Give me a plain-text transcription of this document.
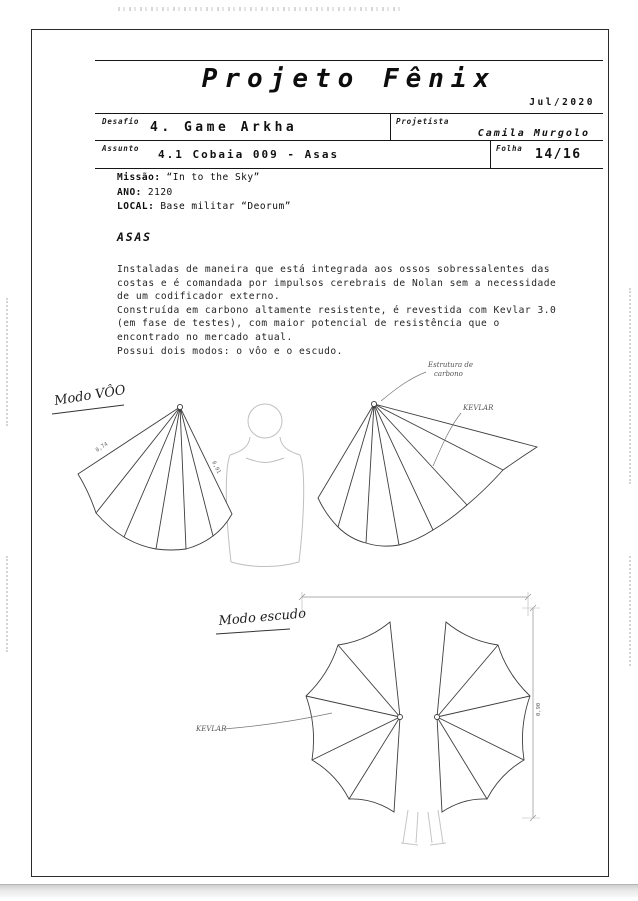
Projeto Fênix
Jul/2020
Desafio 4. Game Arkha	Projetista
Camila Murgolo
Assunto 4.1 Cobaia 009 - Asas	Folha 14/16
Missão: “In to the Sky”
ANO: 2120
LOCAL: Base militar “Deorum”
ASAS
Instaladas de maneira que está integrada aos ossos sobressalentes das
costas e é comandada por impulsos cerebrais de Nolan sem a necessidade
de um codificador externo.
Construída em carbono altamente resistente, é revestida com Kevlar 3.0
(em fase de testes), com maior potencial de resistência que o
encontrado no mercado atual.
Possui dois modos: o vôo e o escudo.
0,74
0,91
Estrutura de
carbono
KEVLAR
Modo VÔO
0,90
KEVLAR
Modo escudo
